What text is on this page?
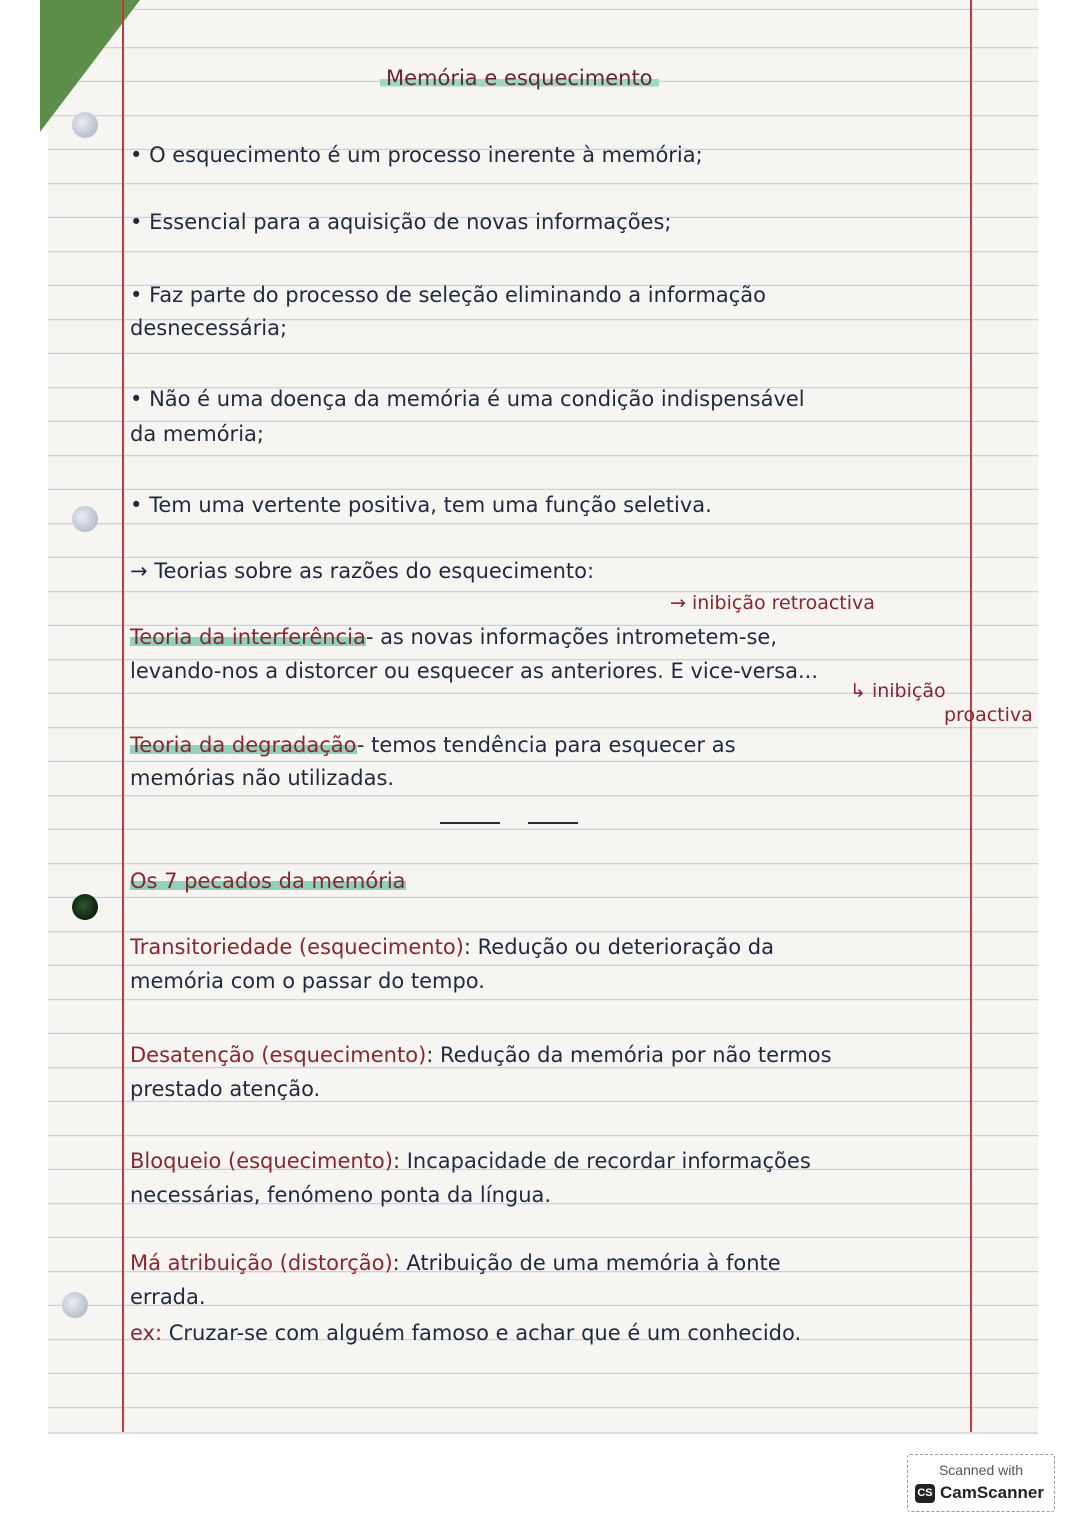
Memória e esquecimento
• O esquecimento é um processo inerente à memória;
• Essencial para a aquisição de novas informações;
• Faz parte do processo de seleção eliminando a informação
desnecessária;
• Não é uma doença da memória é uma condição indispensável
da memória;
• Tem uma vertente positiva, tem uma função seletiva.
→ Teorias sobre as razões do esquecimento:
→ inibição retroactiva
Teoria da interferência- as novas informações intrometem-se,
levando-nos a distorcer ou esquecer as anteriores. E vice-versa...
↳ inibição
proactiva
Teoria da degradação- temos tendência para esquecer as
memórias não utilizadas.
Os 7 pecados da memória
Transitoriedade (esquecimento): Redução ou deterioração da
memória com o passar do tempo.
Desatenção (esquecimento): Redução da memória por não termos
prestado atenção.
Bloqueio (esquecimento): Incapacidade de recordar informações
necessárias, fenómeno ponta da língua.
Má atribuição (distorção): Atribuição de uma memória à fonte
errada.
ex: Cruzar-se com alguém famoso e achar que é um conhecido.
Scanned with
CS CamScanner
